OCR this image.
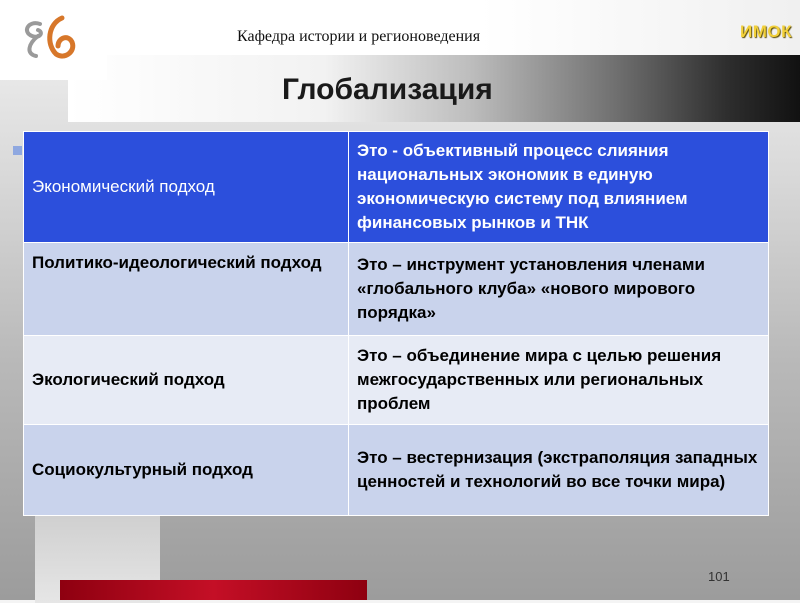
Кафедра истории и регионоведения	ИМОК
Глобализация
101
Экономический подход	Это - объективный процесс слияния национальных экономик в единую экономическую систему под влиянием финансовых рынков и ТНК
Политико-идеологический подход	Это – инструмент установления членами «глобального клуба» «нового мирового порядка»
Экологический подход	Это – объединение мира с целью решения межгосударственных или региональных проблем
Социокультурный подход	Это – вестернизация (экстраполяция западных ценностей и технологий во все точки мира)
